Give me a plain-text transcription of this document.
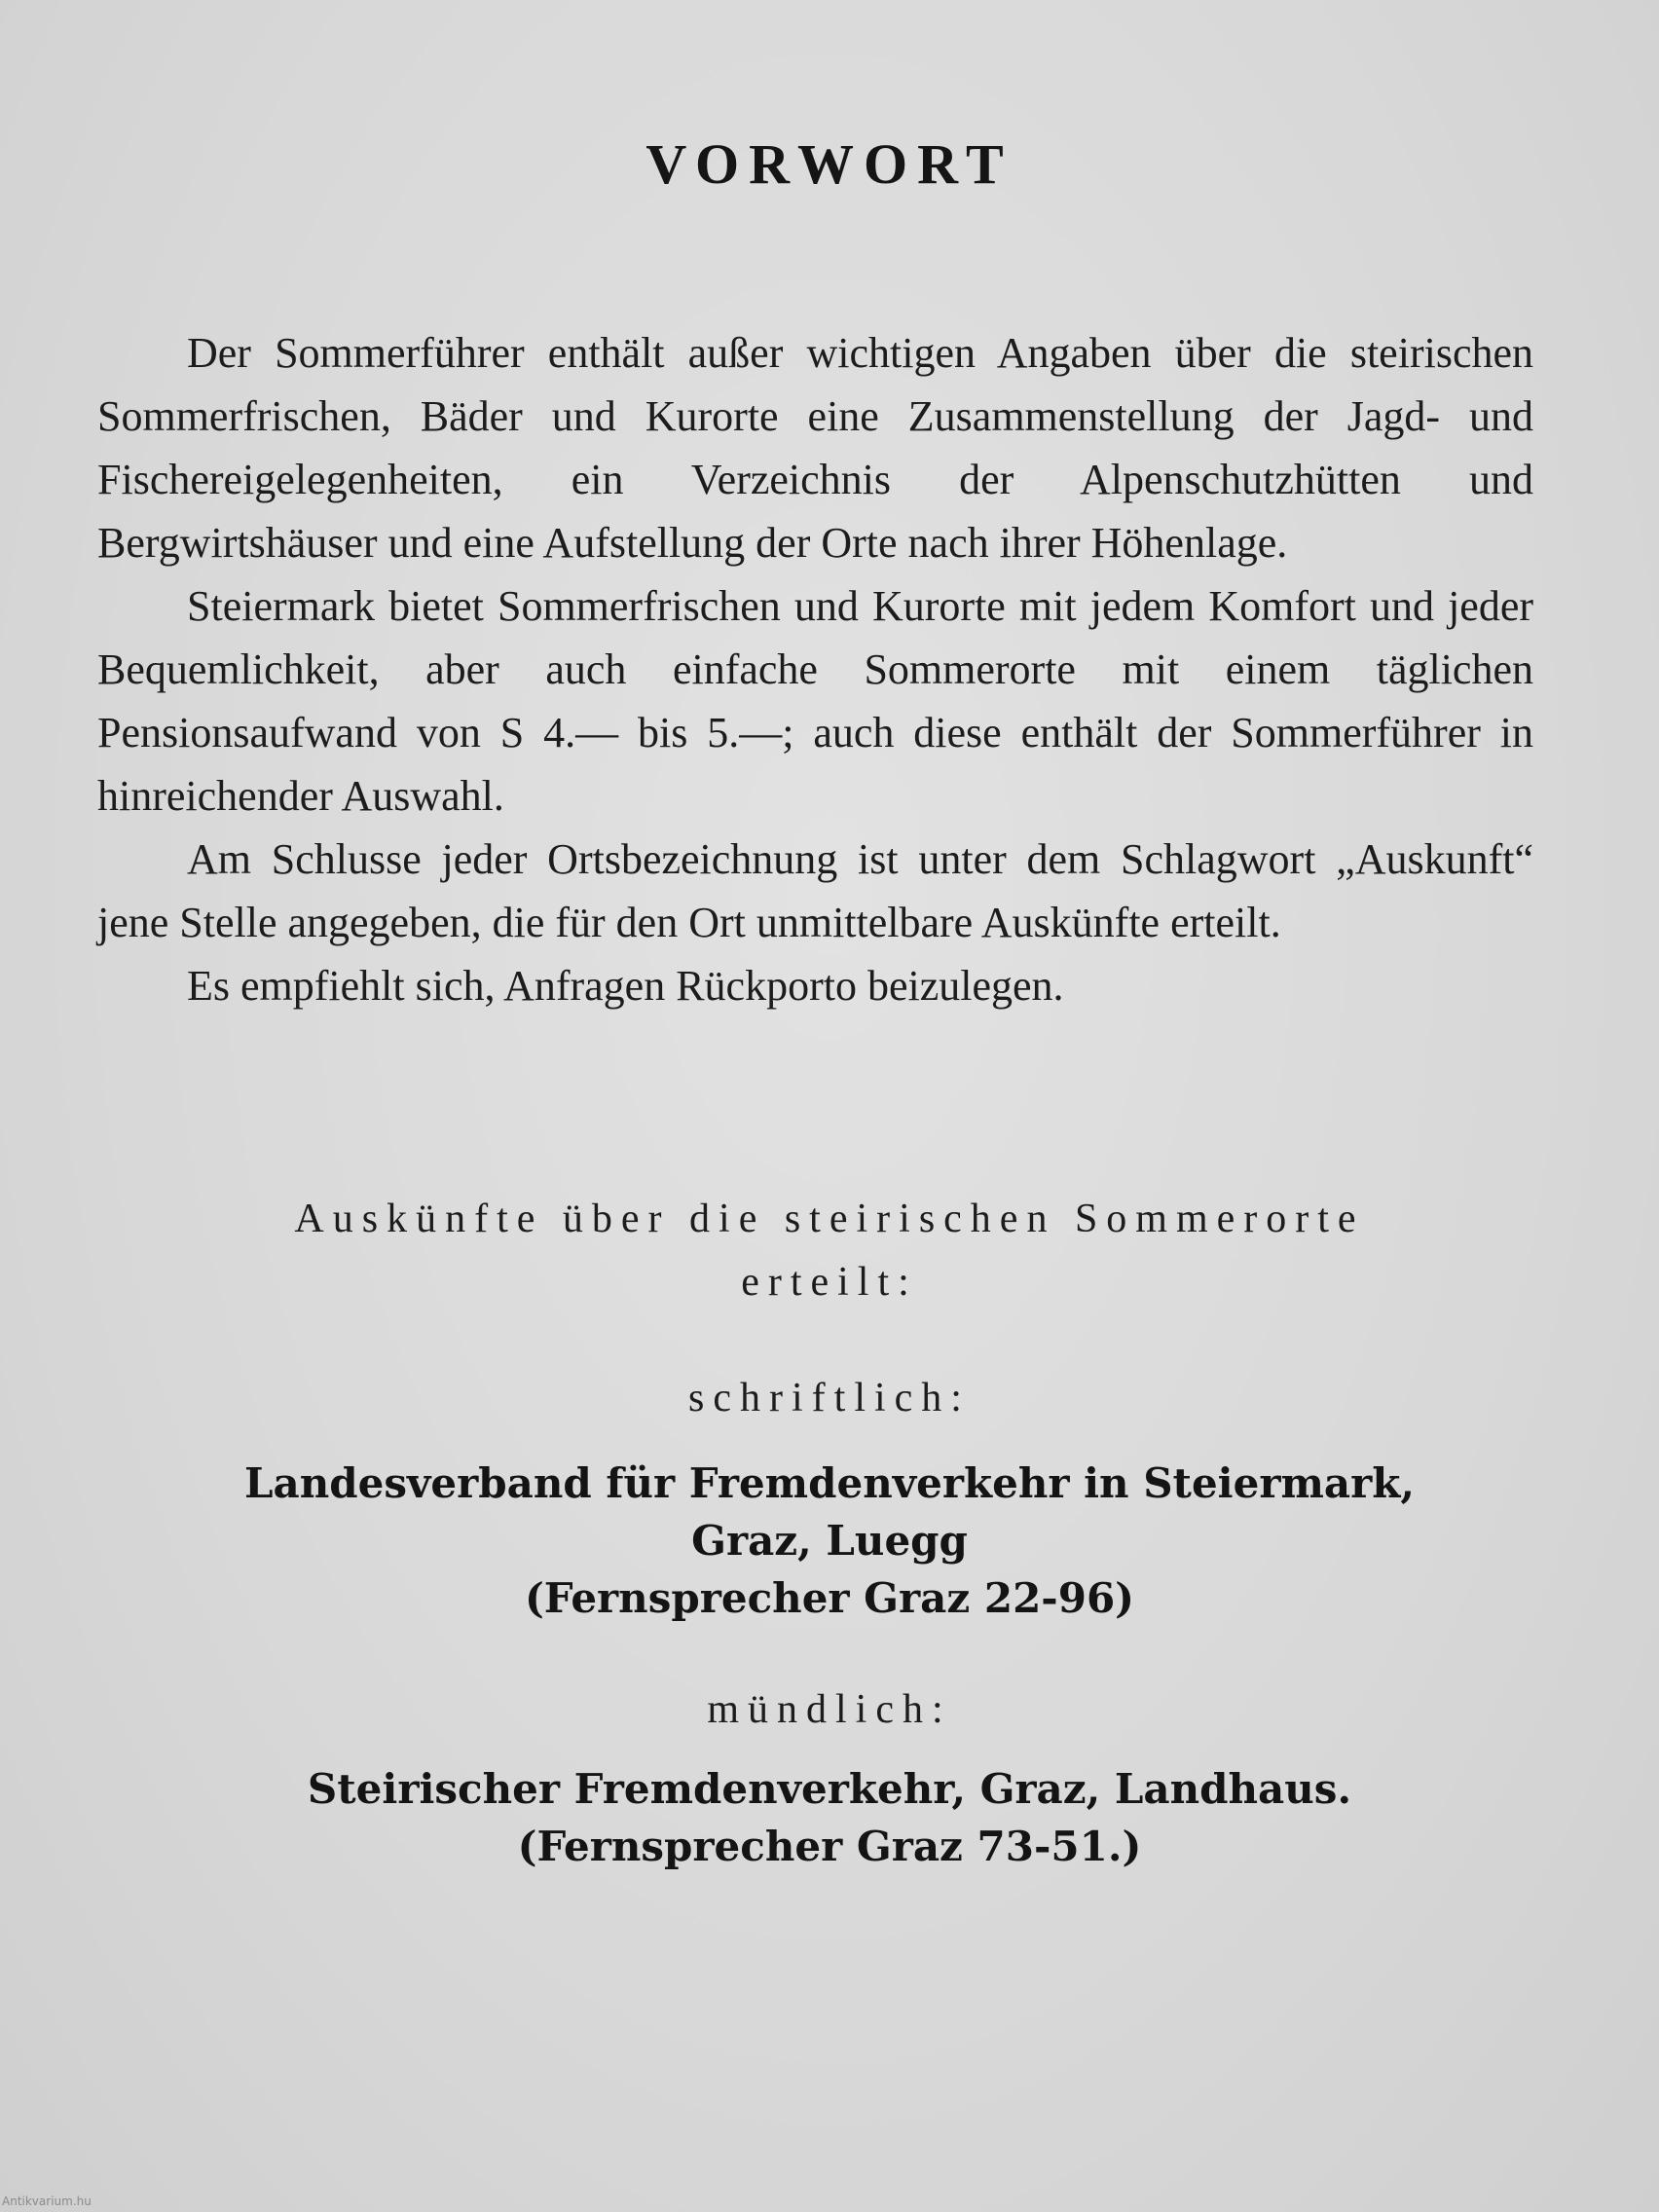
VORWORT

Der Sommerführer enthält außer wichtigen Angaben über die steirischen Sommerfrischen, Bäder und Kurorte eine Zusammenstellung der Jagd- und Fischereigelegenheiten, ein Verzeichnis der Alpenschutzhütten und Bergwirtshäuser und eine Aufstellung der Orte nach ihrer Höhenlage.

Steiermark bietet Sommerfrischen und Kurorte mit jedem Komfort und jeder Bequemlichkeit, aber auch einfache Sommerorte mit einem täglichen Pensionsaufwand von S 4.— bis 5.—; auch diese enthält der Sommerführer in hinreichender Auswahl.

Am Schlusse jeder Ortsbezeichnung ist unter dem Schlagwort „Auskunft“ jene Stelle angegeben, die für den Ort unmittelbare Auskünfte erteilt.

Es empfiehlt sich, Anfragen Rückporto beizulegen.

Auskünfte über die steirischen Sommerorte
erteilt:
schriftlich:
Landesverband für Fremdenverkehr in Steiermark,
Graz, Luegg
(Fernsprecher Graz 22-96)
mündlich:
Steirischer Fremdenverkehr, Graz, Landhaus.
(Fernsprecher Graz 73-51.)
Antikvarium.hu
